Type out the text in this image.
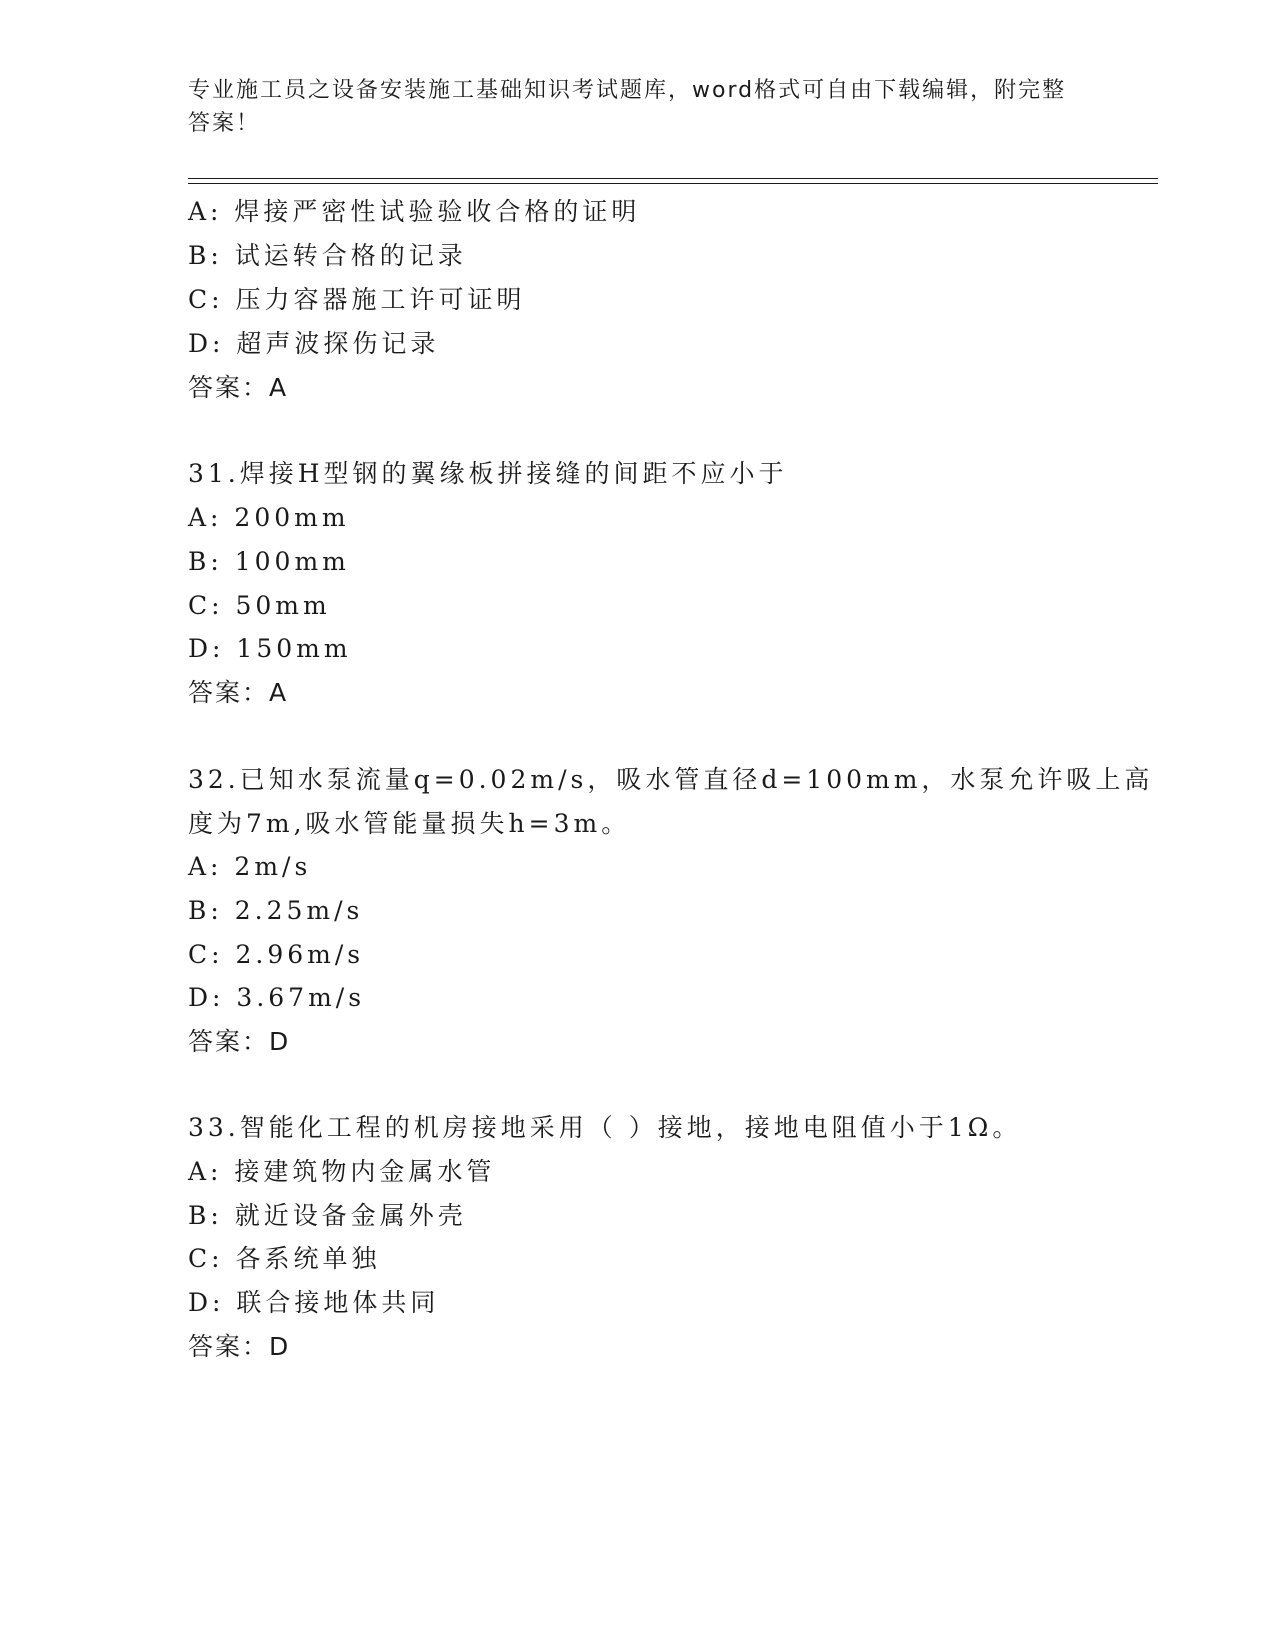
专业施工员之设备安装施工基础知识考试题库，word格式可自由下载编辑，附完整答案！
A: 焊接严密性试验验收合格的证明
B: 试运转合格的记录
C: 压力容器施工许可证明
D: 超声波探伤记录
答案：A
31.焊接H型钢的翼缘板拼接缝的间距不应小于
A: 200mm
B: 100mm
C: 50mm
D: 150mm
答案：A
32.已知水泵流量q=0.02m/s，吸水管直径d=100mm，水泵允许吸上高
度为7m,吸水管能量损失h=3m。
A: 2m/s
B: 2.25m/s
C: 2.96m/s
D: 3.67m/s
答案：D
33.智能化工程的机房接地采用（ ）接地，接地电阻值小于1Ω。
A: 接建筑物内金属水管
B: 就近设备金属外壳
C: 各系统单独
D: 联合接地体共同
答案：D
